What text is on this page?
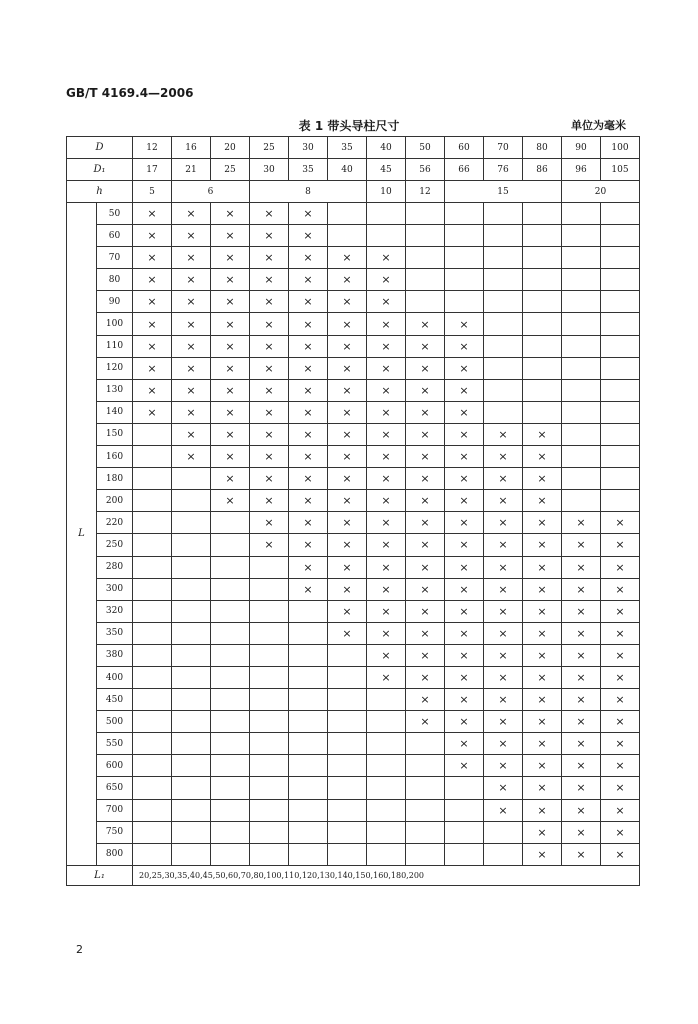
GB/T 4169.4—2006
表 1 带头导柱尺寸	单位为毫米
D		12	16	20	25	30	35	40	50	60	70	80	90	100
D₁		17	21	25	30	35	40	45	56	66	76	86	96	105
h		5	6		8			10	12	15			20	
L	50	×	×	×	×	×								
	60	×	×	×	×	×								
	70	×	×	×	×	×	×	×						
	80	×	×	×	×	×	×	×						
	90	×	×	×	×	×	×	×						
	100	×	×	×	×	×	×	×	×	×				
	110	×	×	×	×	×	×	×	×	×				
	120	×	×	×	×	×	×	×	×	×				
	130	×	×	×	×	×	×	×	×	×				
	140	×	×	×	×	×	×	×	×	×				
	150		×	×	×	×	×	×	×	×	×	×		
	160		×	×	×	×	×	×	×	×	×	×		
	180			×	×	×	×	×	×	×	×	×		
	200			×	×	×	×	×	×	×	×	×		
	220				×	×	×	×	×	×	×	×	×	×
	250				×	×	×	×	×	×	×	×	×	×
	280					×	×	×	×	×	×	×	×	×
	300					×	×	×	×	×	×	×	×	×
	320						×	×	×	×	×	×	×	×
	350						×	×	×	×	×	×	×	×
	380							×	×	×	×	×	×	×
	400							×	×	×	×	×	×	×
	450								×	×	×	×	×	×
	500								×	×	×	×	×	×
	550									×	×	×	×	×
	600									×	×	×	×	×
	650										×	×	×	×
	700										×	×	×	×
	750											×	×	×
	800											×	×	×
L₁		20,25,30,35,40,45,50,60,70,80,100,110,120,130,140,150,160,180,200												
2
